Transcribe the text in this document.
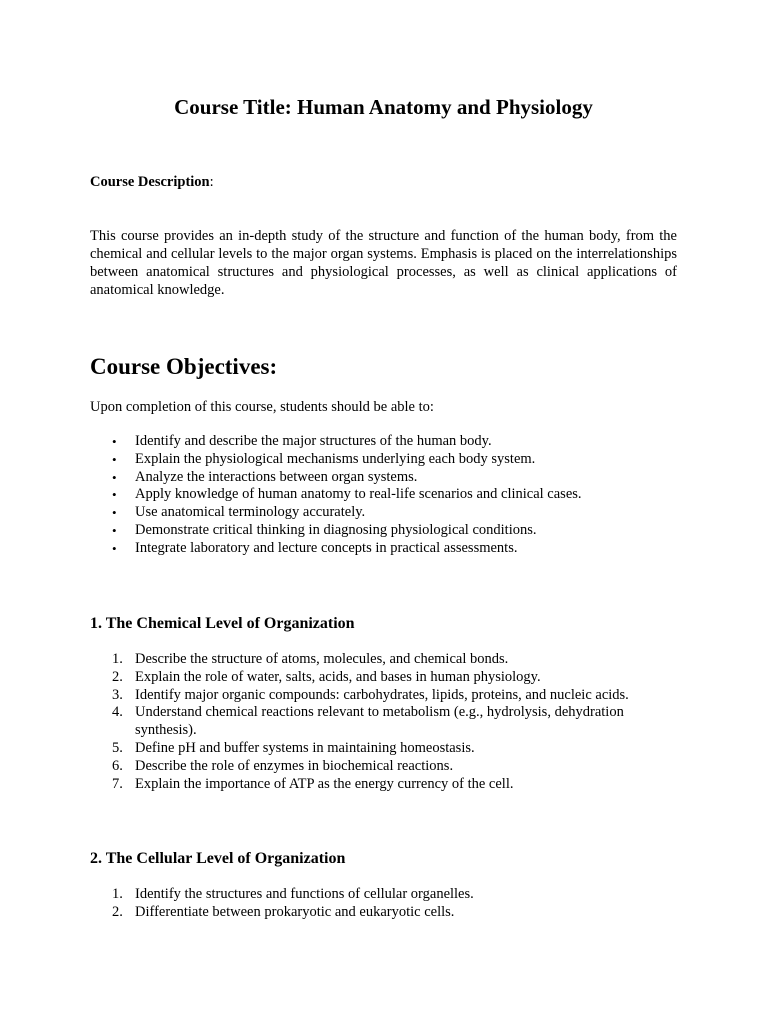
Course Title: Human Anatomy and Physiology
Course Description:

This course provides an in-depth study of the structure and function of the human body, from the chemical and cellular levels to the major organ systems. Emphasis is placed on the interrelationships between anatomical structures and physiological processes, as well as clinical applications of anatomical knowledge.

Course Objectives:

Upon completion of this course, students should be able to:

• Identify and describe the major structures of the human body.
• Explain the physiological mechanisms underlying each body system.
• Analyze the interactions between organ systems.
• Apply knowledge of human anatomy to real-life scenarios and clinical cases.
• Use anatomical terminology accurately.
• Demonstrate critical thinking in diagnosing physiological conditions.
• Integrate laboratory and lecture concepts in practical assessments.
1. The Chemical Level of Organization
1. Describe the structure of atoms, molecules, and chemical bonds.
2. Explain the role of water, salts, acids, and bases in human physiology.
3. Identify major organic compounds: carbohydrates, lipids, proteins, and nucleic acids.
4. Understand chemical reactions relevant to metabolism (e.g., hydrolysis, dehydration synthesis).
5. Define pH and buffer systems in maintaining homeostasis.
6. Describe the role of enzymes in biochemical reactions.
7. Explain the importance of ATP as the energy currency of the cell.
2. The Cellular Level of Organization
1. Identify the structures and functions of cellular organelles.
2. Differentiate between prokaryotic and eukaryotic cells.
